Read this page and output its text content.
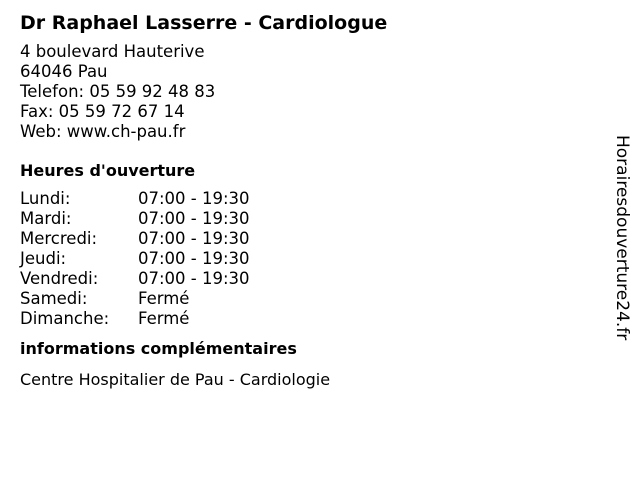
Dr Raphael Lasserre - Cardiologue
4 boulevard Hauterive
64046 Pau
Telefon: 05 59 92 48 83
Fax: 05 59 72 67 14
Web: www.ch-pau.fr
Heures d'ouverture
Lundi:	07:00 - 19:30
Mardi:	07:00 - 19:30
Mercredi:	07:00 - 19:30
Jeudi:	07:00 - 19:30
Vendredi:	07:00 - 19:30
Samedi:	Fermé
Dimanche:	Fermé
informations complémentaires
Centre Hospitalier de Pau - Cardiologie
Horairesdouverture24.fr
